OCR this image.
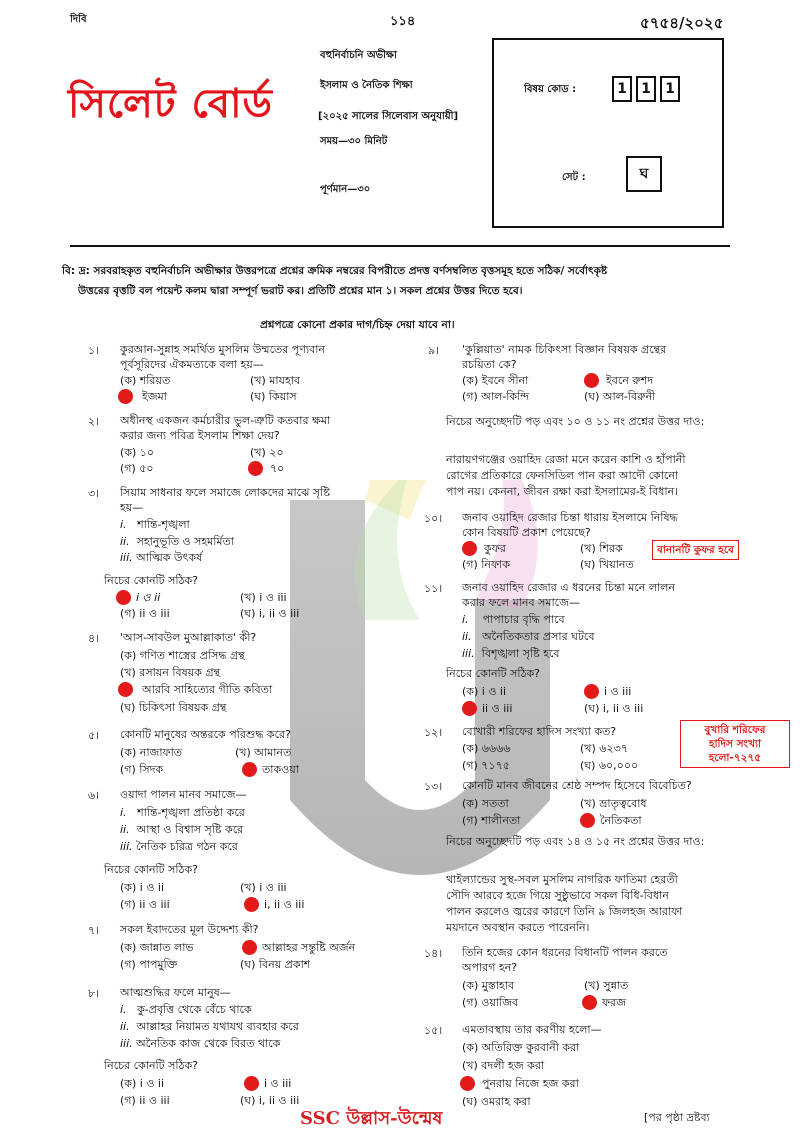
দিবি	১১৪	৫৭৫৪/২০২৫
সিলেট বোর্ড
বহুনির্বাচনি অভীক্ষা
ইসলাম ও নৈতিক শিক্ষা
[২০২৫ সালের সিলেবাস অনুযায়ী]
সময়—৩০ মিনিট
পূর্ণমান—৩০
বিষয় কোড :	1	1	1
সেট :	ঘ
বি: দ্র: সরবরাহকৃত বহুনির্বাচনি অভীক্ষার উত্তরপত্রে প্রশ্নের ক্রমিক নম্বরের বিপরীতে প্রদত্ত বর্ণসম্বলিত বৃত্তসমূহ হতে সঠিক/ সর্বোৎকৃষ্ট
উত্তরের বৃত্তটি বল পয়েন্ট কলম দ্বারা সম্পূর্ণ ভরাট কর। প্রতিটি প্রশ্নের মান ১। সকল প্রশ্নের উত্তর দিতে হবে।
প্রশ্নপত্রে কোনো প্রকার দাগ/চিহ্ন দেয়া যাবে না।
১। কুরআন-সুন্নাহ সমর্থিত মুসলিম উম্মতের পূণ্যবান
পূর্বসূরিদের ঐকমত্যকে বলা হয়—
(ক) শরিয়ত	(খ) মাযহাব
ইজমা	(ঘ) কিয়াস
২। অধীনস্থ একজন কর্মচারীর ভুল-ত্রুটি কতবার ক্ষমা
করার জন্য পবিত্র ইসলাম শিক্ষা দেয়?
(ক) ১০	(খ) ২০
(গ) ৫০	৭০
৩। সিয়াম সাধনার ফলে সমাজে লোকদের মাঝে সৃষ্টি
হয়—
i. শান্তি-শৃঙ্খলা
ii. সহানুভূতি ও সহমর্মিতা
iii. আত্মিক উৎকর্ষ
নিচের কোনটি সঠিক?
i ও ii	(খ) i ও iii
(গ) ii ও iii	(ঘ) i, ii ও iii
৪। 'আস-সাবউল মুআল্লাকাত' কী?
(ক) গণিত শাস্ত্রের প্রসিদ্ধ গ্রন্থ
(খ) রসায়ন বিষয়ক গ্রন্থ
আরবি সাহিত্যের গীতি কবিতা
(ঘ) চিকিৎসা বিষয়ক গ্রন্থ
৫। কোনটি মানুষের অন্তরকে পরিশুদ্ধ করে?
(ক) নাজাফাত	(খ) আমানত
(গ) সিদক	তাকওয়া
৬। ওয়াদা পালন মানব সমাজে—
i. শান্তি-শৃঙ্খলা প্রতিষ্ঠা করে
ii. আস্থা ও বিশ্বাস সৃষ্টি করে
iii. নৈতিক চরিত্র গঠন করে
নিচের কোনটি সঠিক?
(ক) i ও ii	(খ) i ও iii
(গ) ii ও iii	i, ii ও iii
৭। সকল ইবাদতের মূল উদ্দেশ্য কী?
(ক) জান্নাত লাভ	আল্লাহর সন্তুষ্টি অর্জন
(গ) পাপমুক্তি	(ঘ) বিনয় প্রকাশ
৮। আত্মশুদ্ধির ফলে মানুষ—
i. কু-প্রবৃত্তি থেকে বেঁচে থাকে
ii. আল্লাহর নিয়ামত যথাযথ ব্যবহার করে
iii. অনৈতিক কাজ থেকে বিরত থাকে
নিচের কোনটি সঠিক?
(ক) i ও ii	i ও iii
(গ) ii ও iii	(ঘ) i, ii ও iii
৯। 'কুল্লিয়াত' নামক চিকিৎসা বিজ্ঞান বিষয়ক গ্রন্থের
রচয়িতা কে?
(ক) ইবনে সীনা	ইবনে রুশদ
(গ) আল-কিন্দি	(ঘ) আল-বিরুনী
নিচের অনুচ্ছেদটি পড় এবং ১০ ও ১১ নং প্রশ্নের উত্তর দাও:
নারায়ণগঞ্জের ওয়াহিদ রেজা মনে করেন কাশি ও হাঁপানী
রোগের প্রতিকারে ফেনসিডিল পান করা আদৌ কোনো
পাপ নয়। কেননা, জীবন রক্ষা করা ইসলামের-ই বিধান।
১০। জনাব ওয়াহিদ রেজার চিন্তা ধারায় ইসলামে নিষিদ্ধ
কোন বিষয়টি প্রকাশ পেয়েছে?
কুফর	(খ) শিরক
(গ) নিফাক	(ঘ) খিয়ানত
বানানটি কুফর হবে
১১। জনাব ওয়াহিদ রেজার এ ধরনের চিন্তা মনে লালন
করার ফলে মানব সমাজে—
i. পাপাচার বৃদ্ধি পাবে
ii. অনৈতিকতার প্রসার ঘটবে
iii. বিশৃঙ্খলা সৃষ্টি হবে
নিচের কোনটি সঠিক?
(ক) i ও ii	i ও iii
ii ও iii	(ঘ) i, ii ও iii
১২। বোখারী শরিফের হাদিস সংখ্যা কত?
(ক) ৬৬৬৬	(খ) ৬২৩৭
(গ) ৭১৭৫	(ঘ) ৬০,০০০
বুখারি শরিফের
হাদিস সংখ্যা হলো-৭২৭৫
১৩। কোনটি মানব জীবনের শ্রেষ্ঠ সম্পদ হিসেবে বিবেচিত?
(ক) সততা	(খ) ভ্রাতৃত্ববোধ
(গ) শালীনতা	নৈতিকতা
নিচের অনুচ্ছেদটি পড় এবং ১৪ ও ১৫ নং প্রশ্নের উত্তর দাও:
থাইল্যান্ডের সুস্থ-সবল মুসলিম নাগরিক ফাতিমা হেরতী
সৌদি আরবে হজে গিয়ে সুষ্ঠুভাবে সকল বিধি-বিধান
পালন করলেও জ্বরের কারণে তিনি ৯ জিলহজ আরাফা
ময়দানে অবস্থান করতে পারেননি।
১৪। তিনি হজের কোন ধরনের বিধানটি পালন করতে
অপারগ হন?
(ক) মুস্তাহাব	(খ) সুন্নাত
(গ) ওয়াজিব	ফরজ
১৫। এমতাবস্থায় তার করণীয় হলো—
(ক) অতিরিক্ত কুরবানী করা
(খ) বদলী হজ করা
পুনরায় নিজে হজ করা
(ঘ) ওমরাহ করা
SSC উল্লাস-উন্মেষ	[পর পৃষ্ঠা দ্রষ্টব্য
